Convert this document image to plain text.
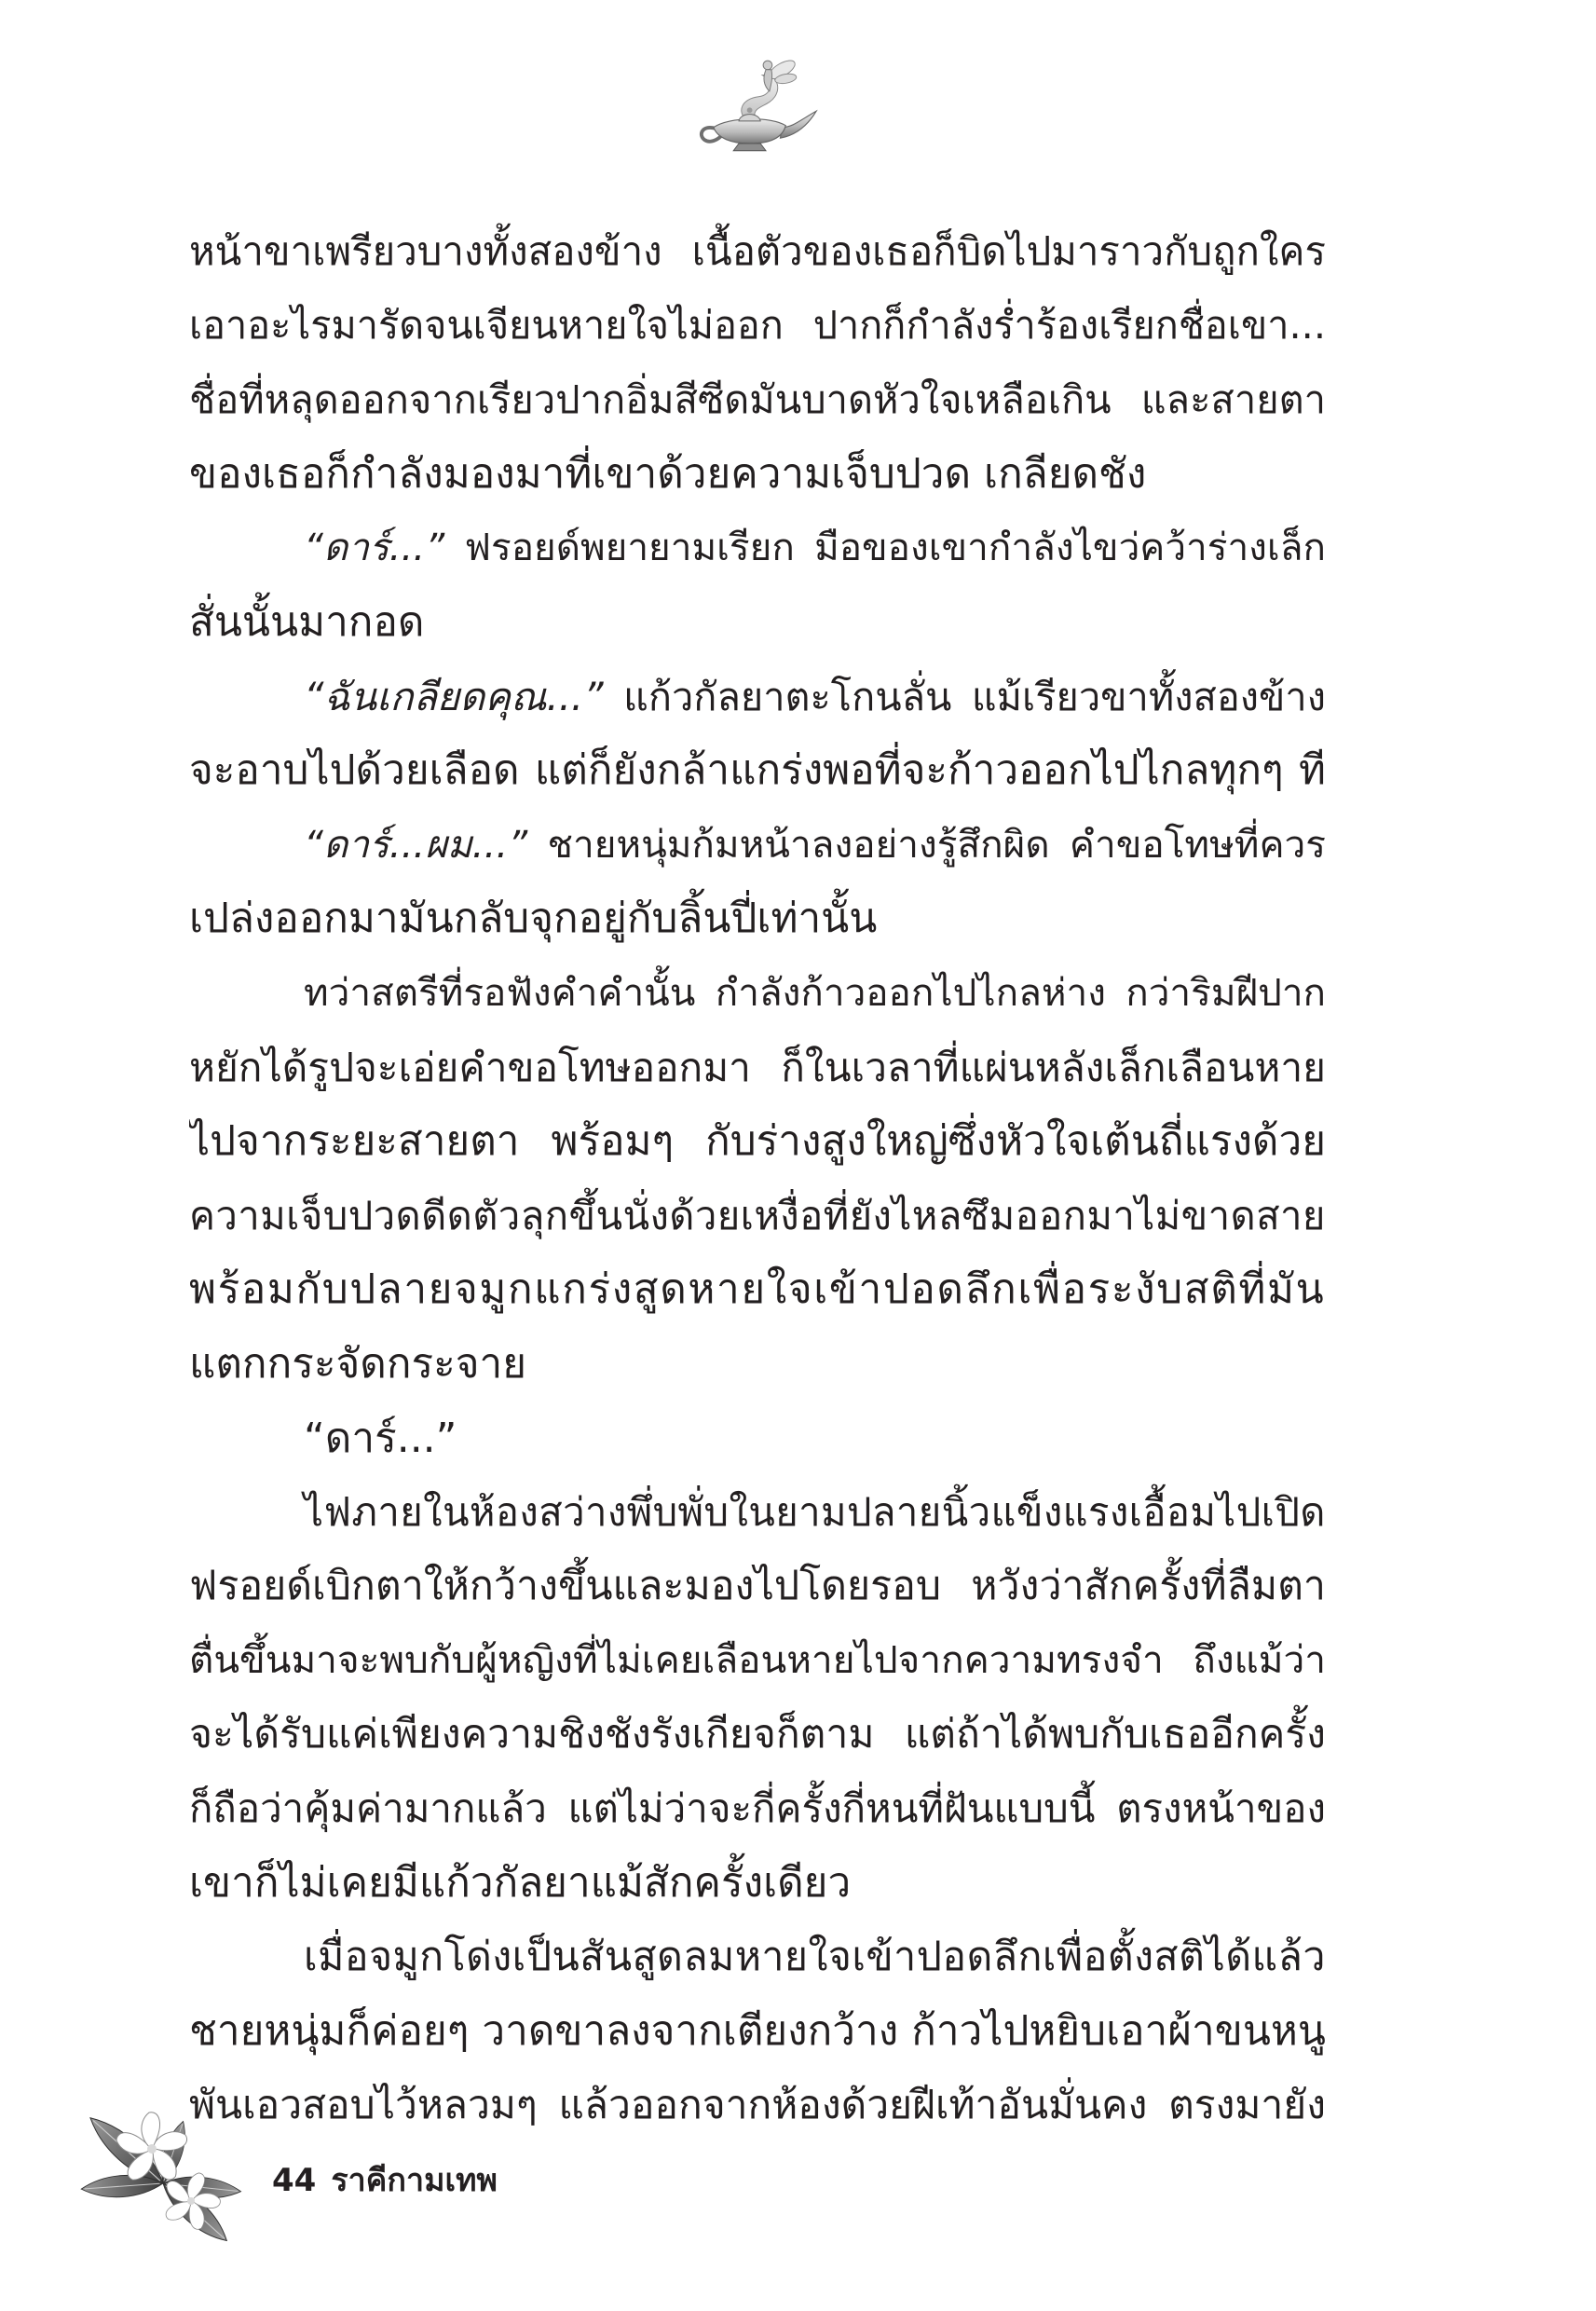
หน้าขาเพรียวบางทั้งสองข้าง เนื้อตัวของเธอก็บิดไปมาราวกับถูกใคร
เอาอะไรมารัดจนเจียนหายใจไม่ออก ปากก็กำลังร่ำร้องเรียกชื่อเขา...
ชื่อที่หลุดออกจากเรียวปากอิ่มสีซีดมันบาดหัวใจเหลือเกิน และสายตา
ของเธอก็กำลังมองมาที่เขาด้วยความเจ็บปวด เกลียดชัง
“ดาร์...” ฟรอยด์พยายามเรียก มือของเขากำลังไขว่คว้าร่างเล็ก
สั่นนั้นมากอด
“ฉันเกลียดคุณ...” แก้วกัลยาตะโกนลั่น แม้เรียวขาทั้งสองข้าง
จะอาบไปด้วยเลือด แต่ก็ยังกล้าแกร่งพอที่จะก้าวออกไปไกลทุกๆ ที
“ดาร์...ผม...” ชายหนุ่มก้มหน้าลงอย่างรู้สึกผิด คำขอโทษที่ควร
เปล่งออกมามันกลับจุกอยู่กับลิ้นปี่เท่านั้น
ทว่าสตรีที่รอฟังคำคำนั้น กำลังก้าวออกไปไกลห่าง กว่าริมฝีปาก
หยักได้รูปจะเอ่ยคำขอโทษออกมา ก็ในเวลาที่แผ่นหลังเล็กเลือนหาย
ไปจากระยะสายตา พร้อมๆ กับร่างสูงใหญ่ซึ่งหัวใจเต้นถี่แรงด้วย
ความเจ็บปวดดีดตัวลุกขึ้นนั่งด้วยเหงื่อที่ยังไหลซึมออกมาไม่ขาดสาย
พร้อมกับปลายจมูกแกร่งสูดหายใจเข้าปอดลึกเพื่อระงับสติที่มัน
แตกกระจัดกระจาย
“ดาร์...”
ไฟภายในห้องสว่างพึ่บพั่บในยามปลายนิ้วแข็งแรงเอื้อมไปเปิด
ฟรอยด์เบิกตาให้กว้างขึ้นและมองไปโดยรอบ หวังว่าสักครั้งที่ลืมตา
ตื่นขึ้นมาจะพบกับผู้หญิงที่ไม่เคยเลือนหายไปจากความทรงจำ ถึงแม้ว่า
จะได้รับแค่เพียงความชิงชังรังเกียจก็ตาม แต่ถ้าได้พบกับเธออีกครั้ง
ก็ถือว่าคุ้มค่ามากแล้ว แต่ไม่ว่าจะกี่ครั้งกี่หนที่ฝันแบบนี้ ตรงหน้าของ
เขาก็ไม่เคยมีแก้วกัลยาแม้สักครั้งเดียว
เมื่อจมูกโด่งเป็นสันสูดลมหายใจเข้าปอดลึกเพื่อตั้งสติได้แล้ว
ชายหนุ่มก็ค่อยๆ วาดขาลงจากเตียงกว้าง ก้าวไปหยิบเอาผ้าขนหนู
พันเอวสอบไว้หลวมๆ แล้วออกจากห้องด้วยฝีเท้าอันมั่นคง ตรงมายัง
44 ราคีกามเทพ
